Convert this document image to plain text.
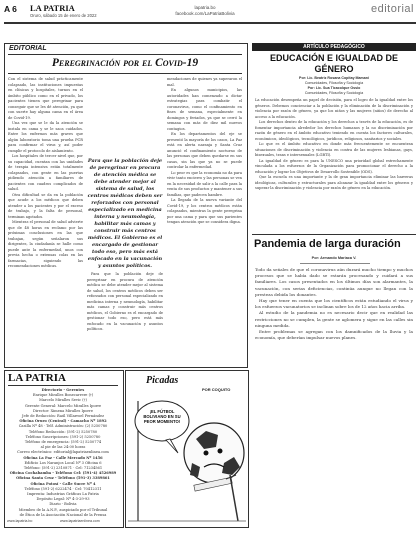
A 6 LA PATRIA
Oruro, sábado 15 de enero de 2022
lapatria.bo
facebook.com/LaPatriaBolivia	editorial
EDITORIAL
Peregrinación por el Covid-19

Con el sistema de salud prácticamente colapsado, las instituciones impuestas en clínicas y hospitales, turnos en el ámbito público como en el privado, los pacientes tienen que peregrinar para conseguir que se les dé atención, ya que con suerte hay alguna cama en el área de Covid-19.

Una vez que se le da la atención se instala en cama y se le saca cuidados. Entre los enfermos más graves que algún laboratorio toma una prueba PCR para confirmar el virus y, así poder cumplir el protocolo de aislamiento.

Los hospitales de tercer nivel que, por su capacidad, cuentan con las unidades de terapia intensiva están totalmente colapsados, con gente en las puertas pidiendo atención a familiares de pacientes con cuadros complicados de salud.

Otra dificultad se da en la población que acude a los médicos que deben atender a los pacientes y por el exceso de trabajo, y la falta de personal, terminan agotados.

Mientras el personal de salud advierte que de 48 horas en reclamo por las próximas conclusiones en las que trabajan, según señalaron sus dirigentes, la ciudadanía se halle como puede ante la enfermedad, unos con previa hecha o extensas colas en las farmacias, siguiendo las recomendaciones médicas.

Para que la población deje de peregrinar en procura de atención médica se debe atender mejor al sistema de salud, los centros médicos deben ser reforzados con personal especializado en medicina interna y neumología, habilitar más camas y construir más centros médicos. El Gobierno es el encargado de gestionar todo eso, pero más está enfocado en la vacunación y asuntos políticos.
Para que la población deje de peregrinar en procura de atención médica se debe atender mejor al sistema de salud, los centros médicos deben ser reforzados con personal especializado en medicina interna y neumología, habilitar más camas y construir más centros médicos, el Gobierno es el encargado de gestionar todo eso, pero está más enfocado en la vacunación y asuntos políticos.

mendaciones de quienes ya superaron el mal.

En algunos municipios, las autoridades han comenzado a dictar estrategias para combatir el coronavirus, como el confinamiento en fines de semana, especialmente en domingos y feriados, ya que se cerró la semana con más de diez mil nuevos contagios.

En los departamentos del eje se presentó la mayoría de los casos, La Paz está en alerta naranja y Santa Cruz anunció el confinamiento nocturno de las personas que deben quedarse en sus casas, sin las que ya no se puede controlar la enfermedad.

Lo peor es que la economía no da para vivir tanto encierro y las personas se ven en la necesidad de salir a la calle para la venta de sus productos y mantener a sus familias, que padecen hambre.

La llegada de la nueva variante del Covid-19, y los centros médicos están colapsados, mientras la gente peregrina por una cama y para que sus parientes tengan atención que se considera digna.

LA PATRIA
Directorio - Gerentes
Enrique Miralles Bonecarrere (†)
Marcelo Miralles Sevic (†)
Gerente General: Marcelo Miralles Iporre
Director: Ximena Miralles Iporre
Jefe de Redacción: Raúl Villarroel Fernández
Oficina Oruro (Central) - Camacho Nº 1892
Casilla Nº 48 · Telf. Administración: (2) 5250780
Teléfono Redacción: (591-2) 5250780
Teléfono Suscripciones: (591-2) 5250780
Teléfono de emergencia: (591-2) 5250774
al pie de las 24:00 horas
Correo electrónico: editorial@lapatriaenlinea.com
Oficina La Paz - Calle Mercado Nº 1456
Edificio Los Naranjos Local Nº 3 Oficina 6
Teléfono: (591-2) 2310871 · Cel: 71234561
Oficina Cochabamba - Teléfono Cel: (591-4) 4526989
Oficina Santa Cruz - Teléfono (591-3) 3389861
Oficina Potosí - Calle Sucre Nº 4
Teléfono (591-2) 6222474 · Cel: 70412311
Imprenta: Industrias Gráficas La Patria
Depósito Legal: Nº 4-3-29-93
Diario - Bolivia
Miembro de la A.N.P., auspiciado por el Tribunal
de Ética de la Asociación Nacional de la Prensa
www.lapatria.bo	www.lapatriaenlinea.com
Picadas
POR COQUITO
¡EL FÚTBOL BOLIVIANO EN SU PEOR MOMENTO!
ARTÍCULO PEDAGÓGICO
EDUCACIÓN E IGUALDAD DE GÉNERO
Por: Lic. Beatriz Rosana Copitay Mamani
Comunidades, Filosofía y Sociología
Por: Lic. Sua Ticacolque Ossio
Comunidades, Filosofía y Sociología

La educación desempeña un papel de decisión, para el logro de la igualdad entre los géneros. Debemos concienciar a la población y la eliminación de la discriminación y violencia por razón de género, ya que los niños y las mujeres (niños) de derecho al acceso a la educación.

Los derechos dentro de la educación y los derechos a través de la educación, es de fomentar importancia alrededor los derechos humanos y la no discriminación por razón de género en el ámbito educativo teniendo en cuenta los factores culturales, económicos, ideológicos, tecnológicos, jurídicos, religiosos, sanitarios y sociales.

Lo que es el ámbito educativo en donde más frecuentemente se encuentran situaciones de discriminación y violencia en contra de las mujeres lesbianas, gays, bisexuales, trans e intersexuales (LGBTI).

La igualdad de género es para la UNESCO una prioridad global estrechamente vinculada a los esfuerzos de la Organización para promocionar el derecho a la educación y lograr los Objetivos de Desarrollo Sostenible (ODS).

Que la escuela es una importante y la de gran importancia eliminar las barreras ideológicas, culturales y estructurales para alcanzar la igualdad entre los géneros y superar la discriminación y violencia por razón de género en la educación.

Pandemia de larga duración
Por: Armando Mariaca V.

Todo da señales de que el coronavirus aún durará mucho tiempo y muchos procesos que se había dado se estarán procesando y cuidará a sus familiares. Los casos presentados en los últimos días son alarmantes, la vacunación, con serias deficiencias, continúa aunque no llegan con la presteza debida los donantes.

Hay que tener en cuenta que los científicos están estudiando el virus y los esfuerzos vacunatorios se inclinan sobre los de 12 años hacia arriba.

Al estudio de la pandemia no es necesario decir que en realidad las restricciones no se cumplen, la gente se aglomera y sigue en las calles sin ninguna medida.

Entre problemas se agregan con los damnificados de la lluvia y la economía, que deberían impulsar nuevos planes.
